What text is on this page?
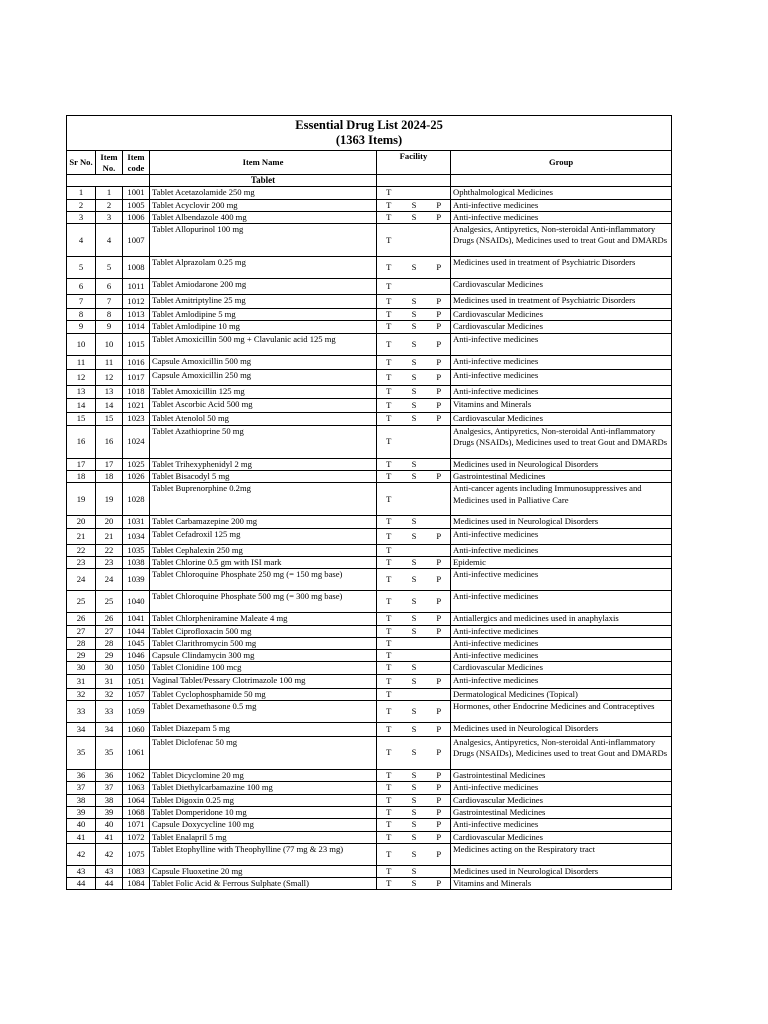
Essential Drug List 2024-25
(1363 Items)							

Sr No.	Item No.	Item code	Item Name	Facility			Group
			Tablet				
1	1	1001	Tablet Acetazolamide 250 mg	T			Ophthalmological Medicines
2	2	1005	Tablet Acyclovir 200 mg	T	S	P	Anti-infective medicines
3	3	1006	Tablet Albendazole 400 mg	T	S	P	Anti-infective medicines
4	4	1007	Tablet Allopurinol 100 mg	T			Analgesics, Antipyretics, Non-steroidal Anti-inflammatory Drugs (NSAIDs), Medicines used to treat Gout and DMARDs
5	5	1008	Tablet Alprazolam 0.25 mg	T	S	P	Medicines used in treatment of Psychiatric Disorders
6	6	1011	Tablet Amiodarone 200 mg	T			Cardiovascular Medicines
7	7	1012	Tablet Amitriptyline 25 mg	T	S	P	Medicines used in treatment of Psychiatric Disorders
8	8	1013	Tablet Amlodipine 5 mg	T	S	P	Cardiovascular Medicines
9	9	1014	Tablet Amlodipine 10 mg	T	S	P	Cardiovascular Medicines
10	10	1015	Tablet Amoxicillin 500 mg + Clavulanic acid 125 mg	T	S	P	Anti-infective medicines
11	11	1016	Capsule Amoxicillin 500 mg	T	S	P	Anti-infective medicines
12	12	1017	Capsule Amoxicillin 250 mg	T	S	P	Anti-infective medicines
13	13	1018	Tablet Amoxicillin 125 mg	T	S	P	Anti-infective medicines
14	14	1021	Tablet Ascorbic Acid 500 mg	T	S	P	Vitamins and Minerals
15	15	1023	Tablet Atenolol 50 mg	T	S	P	Cardiovascular Medicines
16	16	1024	Tablet Azathioprine 50 mg	T			Analgesics, Antipyretics, Non-steroidal Anti-inflammatory Drugs (NSAIDs), Medicines used to treat Gout and DMARDs
17	17	1025	Tablet Trihexyphenidyl 2 mg	T	S		Medicines used in Neurological Disorders
18	18	1026	Tablet Bisacodyl 5 mg	T	S	P	Gastrointestinal Medicines
19	19	1028	Tablet Buprenorphine 0.2mg	T			Anti-cancer agents including Immunosuppressives and Medicines used in Palliative Care
20	20	1031	Tablet Carbamazepine 200 mg	T	S		Medicines used in Neurological Disorders
21	21	1034	Tablet Cefadroxil 125 mg	T	S	P	Anti-infective medicines
22	22	1035	Tablet Cephalexin 250 mg	T			Anti-infective medicines
23	23	1038	Tablet Chlorine 0.5 gm with ISI mark	T	S	P	Epidemic
24	24	1039	Tablet Chloroquine Phosphate 250 mg (= 150 mg base)	T	S	P	Anti-infective medicines
25	25	1040	Tablet Chloroquine Phosphate 500 mg (= 300 mg base)	T	S	P	Anti-infective medicines
26	26	1041	Tablet Chlorpheniramine Maleate 4 mg	T	S	P	Antiallergics and medicines used in anaphylaxis
27	27	1044	Tablet Ciprofloxacin 500 mg	T	S	P	Anti-infective medicines
28	28	1045	Tablet Clarithromycin 500 mg	T			Anti-infective medicines
29	29	1046	Capsule Clindamycin 300 mg	T			Anti-infective medicines
30	30	1050	Tablet Clonidine 100 mcg	T	S		Cardiovascular Medicines
31	31	1051	Vaginal Tablet/Pessary Clotrimazole 100 mg	T	S	P	Anti-infective medicines
32	32	1057	Tablet Cyclophosphamide 50 mg	T			Dermatological Medicines (Topical)
33	33	1059	Tablet Dexamethasone 0.5 mg	T	S	P	Hormones, other Endocrine Medicines and Contraceptives
34	34	1060	Tablet Diazepam 5 mg	T	S	P	Medicines used in Neurological Disorders
35	35	1061	Tablet Diclofenac 50 mg	T	S	P	Analgesics, Antipyretics, Non-steroidal Anti-inflammatory Drugs (NSAIDs), Medicines used to treat Gout and DMARDs
36	36	1062	Tablet Dicyclomine 20 mg	T	S	P	Gastrointestinal Medicines
37	37	1063	Tablet Diethylcarbamazine 100 mg	T	S	P	Anti-infective medicines
38	38	1064	Tablet Digoxin 0.25 mg	T	S	P	Cardiovascular Medicines
39	39	1068	Tablet Domperidone 10 mg	T	S	P	Gastrointestinal Medicines
40	40	1071	Capsule Doxycycline 100 mg	T	S	P	Anti-infective medicines
41	41	1072	Tablet Enalapril 5 mg	T	S	P	Cardiovascular Medicines
42	42	1075	Tablet Etophylline with Theophylline (77 mg & 23 mg)	T	S	P	Medicines acting on the Respiratory tract
43	43	1083	Capsule Fluoxetine 20 mg	T	S		Medicines used in Neurological Disorders
44	44	1084	Tablet Folic Acid & Ferrous Sulphate (Small)	T	S	P	Vitamins and Minerals
